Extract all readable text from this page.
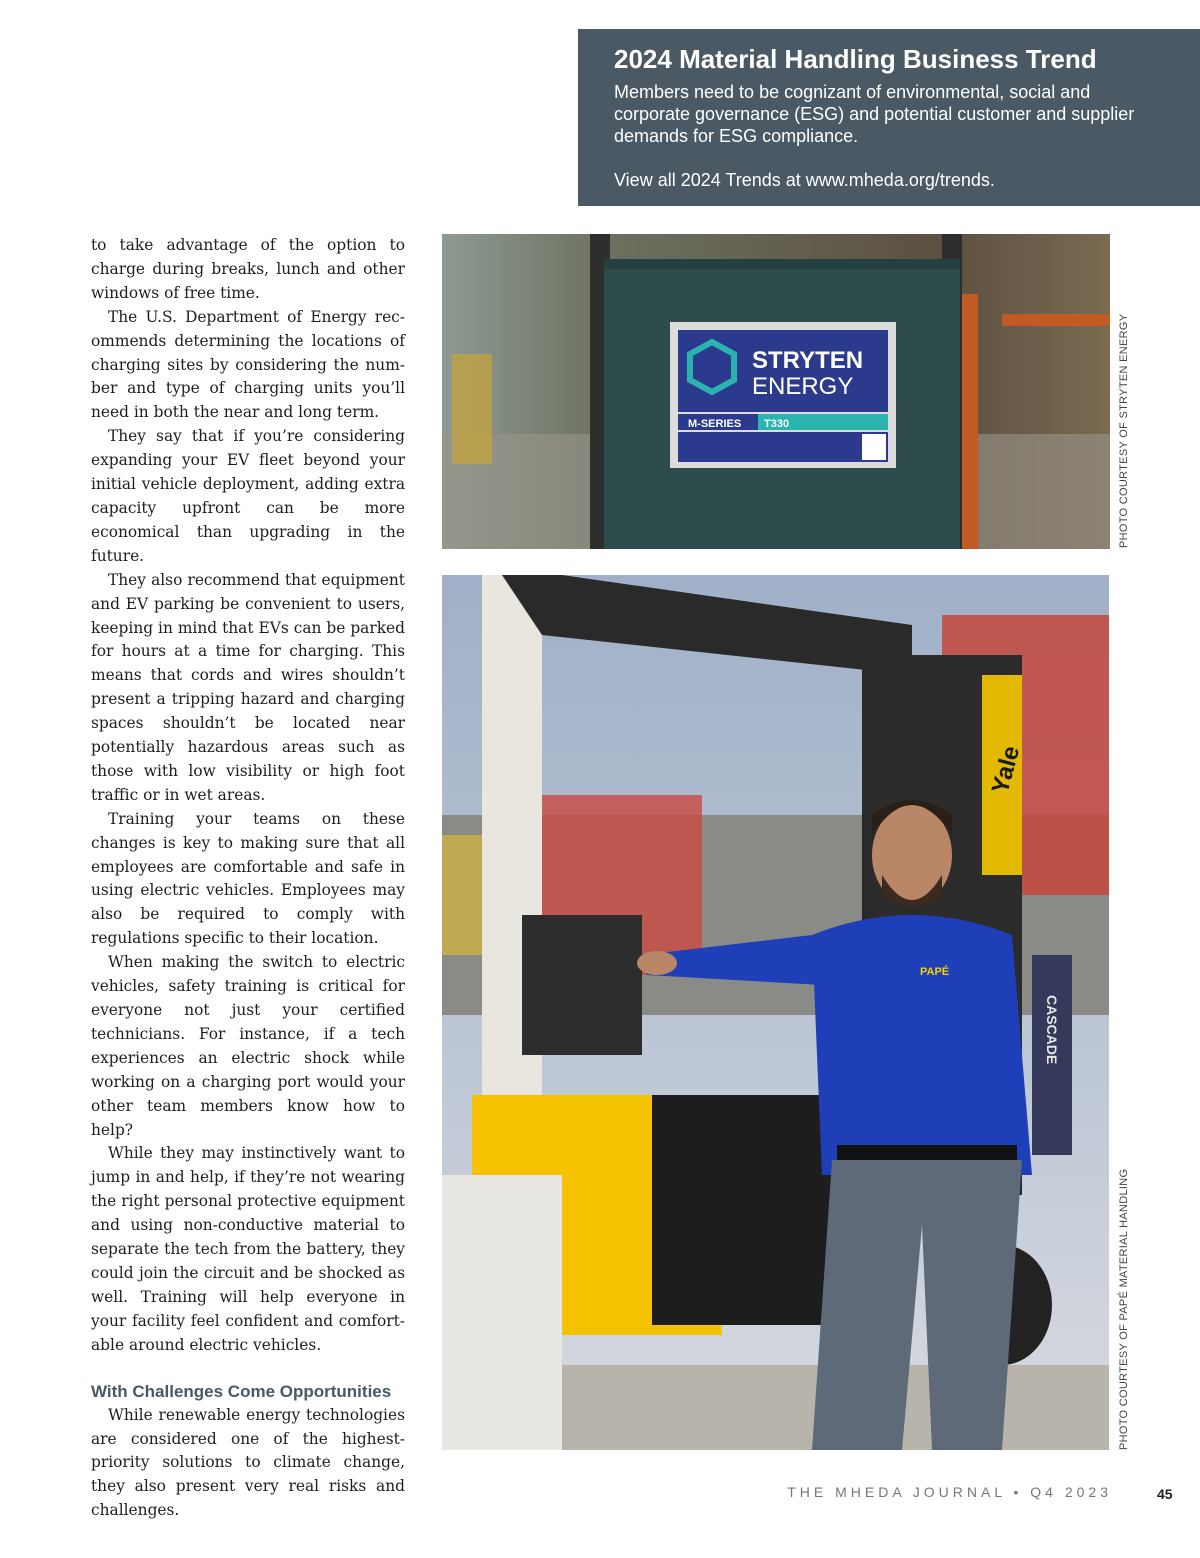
2024 Material Handling Business Trend
Members need to be cognizant of environmental, social and corporate governance (ESG) and potential customer and supplier demands for ESG compliance.
View all 2024 Trends at www.mheda.org/trends.

to take advantage of the option to charge during breaks, lunch and other windows of free time.

The U.S. Department of Energy recommends determining the locations of charging sites by considering the number and type of charging units you’ll need in both the near and long term.

They say that if you’re considering expanding your EV fleet beyond your initial vehicle deployment, adding extra capacity upfront can be more economical than upgrading in the future.

They also recommend that equipment and EV parking be convenient to users, keeping in mind that EVs can be parked for hours at a time for charging. This means that cords and wires shouldn’t present a tripping hazard and charging spaces shouldn’t be located near potentially hazardous areas such as those with low visibility or high foot traffic or in wet areas.

Training your teams on these changes is key to making sure that all employees are comfortable and safe in using electric vehicles. Employees may also be required to comply with regulations specific to their location.

When making the switch to electric vehicles, safety training is critical for everyone not just your certified technicians. For instance, if a tech experiences an electric shock while working on a charging port would your other team members know how to help?

While they may instinctively want to jump in and help, if they’re not wearing the right personal protective equipment and using non-conductive material to separate the tech from the battery, they could join the circuit and be shocked as well. Training will help everyone in your facility feel confident and comfortable around electric vehicles.

With Challenges Come Opportunities

While renewable energy technologies are considered one of the highest-priority solutions to climate change, they also present very real risks and challenges.

STRYTEN
ENERGY
M-SERIES T330	PHOTO COURTESY OF STRYTEN ENERGY
Yale
CASCADE
PAPÉ
PHOTO COURTESY OF PAPÉ MATERIAL HANDLING
THE MHEDA JOURNAL • Q4 2023	45
